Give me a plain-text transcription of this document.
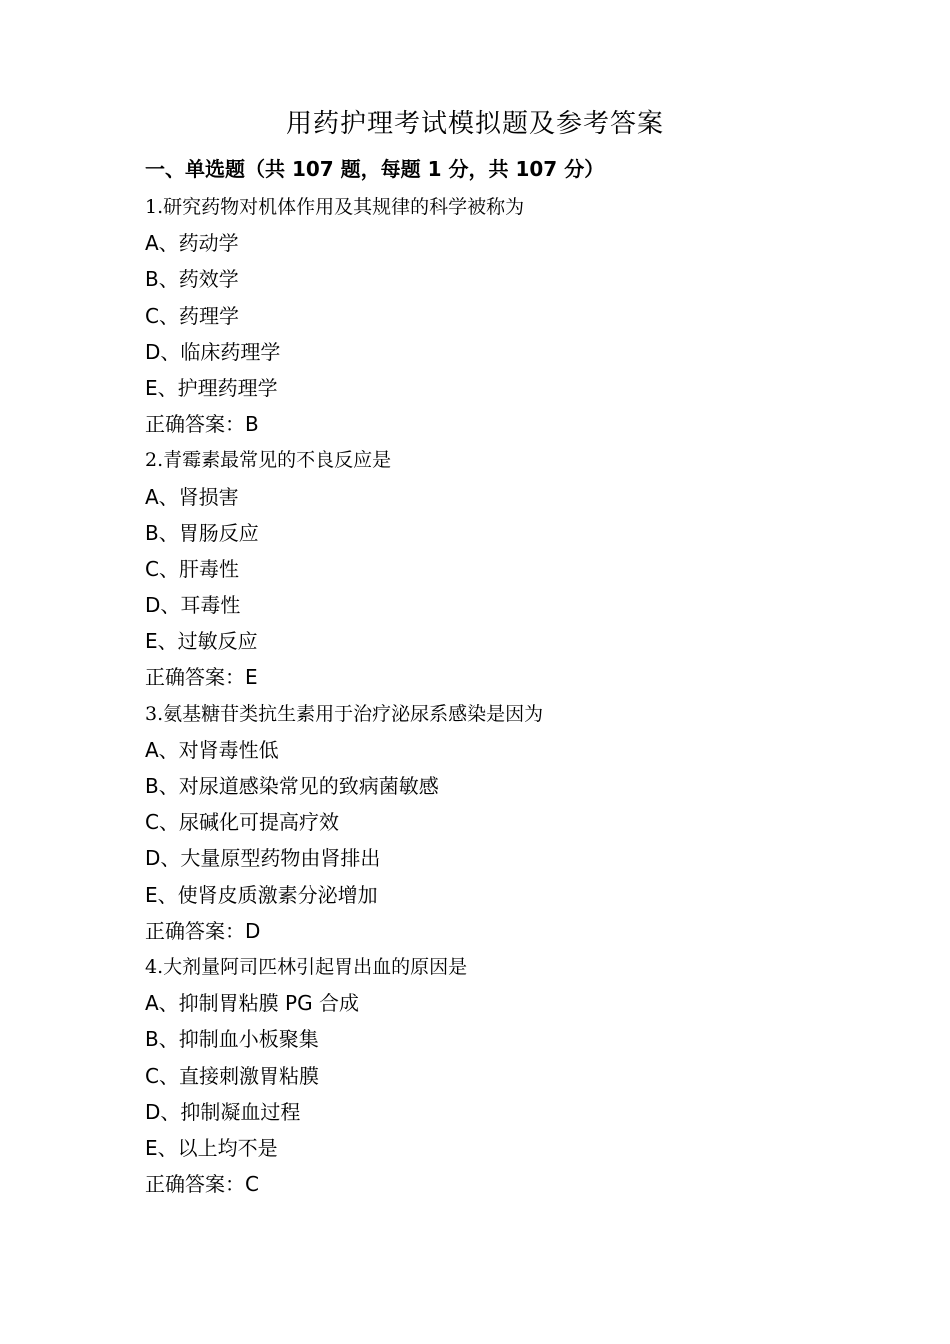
用药护理考试模拟题及参考答案
一、单选题（共 107 题，每题 1 分，共 107 分）
1.研究药物对机体作用及其规律的科学被称为
A、药动学
B、药效学
C、药理学
D、临床药理学
E、护理药理学
正确答案：B
2.青霉素最常见的不良反应是
A、肾损害
B、胃肠反应
C、肝毒性
D、耳毒性
E、过敏反应
正确答案：E
3.氨基糖苷类抗生素用于治疗泌尿系感染是因为
A、对肾毒性低
B、对尿道感染常见的致病菌敏感
C、尿碱化可提高疗效
D、大量原型药物由肾排出
E、使肾皮质激素分泌增加
正确答案：D
4.大剂量阿司匹林引起胃出血的原因是
A、抑制胃粘膜 PG 合成
B、抑制血小板聚集
C、直接刺激胃粘膜
D、抑制凝血过程
E、以上均不是
正确答案：C
